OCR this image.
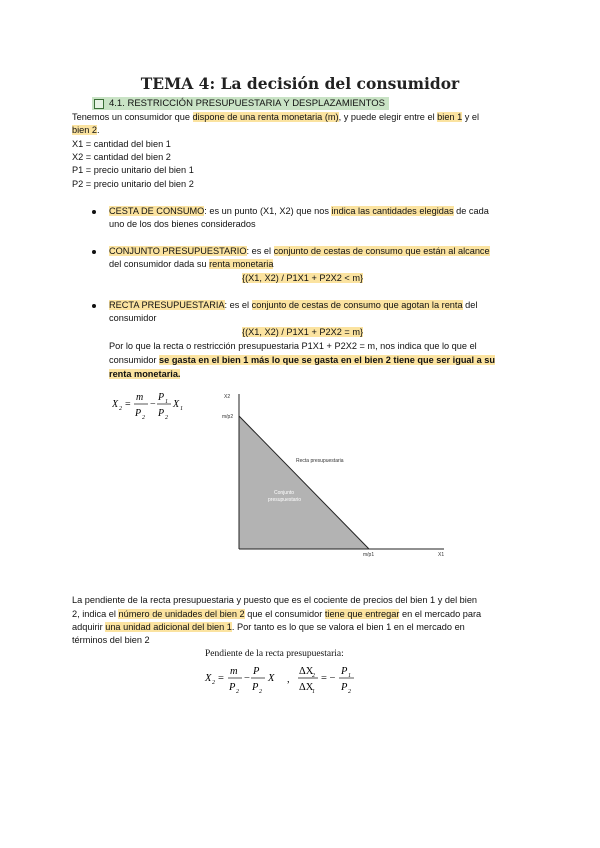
TEMA 4: La decisión del consumidor
4.1. RESTRICCIÓN PRESUPUESTARIA Y DESPLAZAMIENTOS
Tenemos un consumidor que dispone de una renta monetaria (m), y puede elegir entre el bien 1 y el
bien 2.
X1 = cantidad del bien 1
X2 = cantidad del bien 2
P1 = precio unitario del bien 1
P2 = precio unitario del bien 2
CESTA DE CONSUMO: es un punto (X1, X2) que nos indica las cantidades elegidas de cada
uno de los dos bienes considerados
CONJUNTO PRESUPUESTARIO: es el conjunto de cestas de consumo que están al alcance
del consumidor dada su renta monetaria
{(X1, X2) / P1X1 + P2X2 < m}
RECTA PRESUPUESTARIA: es el conjunto de cestas de consumo que agotan la renta del
consumidor
{(X1, X2) / P1X1 + P2X2 = m}
Por lo que la recta o restricción presupuestaria P1X1 + P2X2 = m, nos indica que lo que el
consumidor se gasta en el bien 1 más lo que se gasta en el bien 2 tiene que ser igual a su
renta monetaria.
X 2 =
m
P 2
−
P 1
P 2
X 1
X2
X1
m/p2
m/p1
Recta presupuestaria
Conjunto
presupuestario
La pendiente de la recta presupuestaria y puesto que es el cociente de precios del bien 1 y del bien
2, indica el número de unidades del bien 2 que el consumidor tiene que entregar en el mercado para
adquirir una unidad adicional del bien 1. Por tanto es lo que se valora el bien 1 en el mercado en
términos del bien 2
Pendiente de la recta presupuestaria:
X 2 =
m
P 2
−
P
P 2
X ,
ΔX
2
ΔX
1
= −
P 1
P 2
